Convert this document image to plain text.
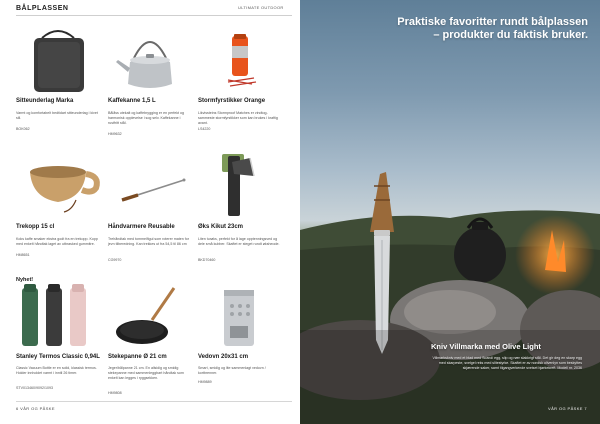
BÅLPLASSEN	ULTIMATE OUTDOOR
Sitteunderlag Marka
Varmt og komfortabelt bedtidart sitteunderlag i kivet sill.
BOK062
Kaffekanne 1,5 L
Bålåss utekalt og kaffebrygging er en perfekt og harmonisk opplevelse i sog selv. Kaffekanne i rustfritt stål.
HM9632
Stormfyrstikker Orange
Likvissteins Stormproof Matches er vindtog-sammeste stormfyrstikker som kan brukes i kraftig avant.
LS4220
Trekopp 15 cl
Koks kaffe smaker ekstra godt fra en trekopp. Kopp med enkelt håndtak laget av utbrasked gummitre.
HM8651
Håndvarmere Reusable
Trehåndtak med tommelfigul som roterer maten for jevn tilberedning. Kan trekkes ut fra 54,5 til 86 cm
CG9970
Øks Kikut 23cm
Liten turøks, perfekt for å lage opptenningsved og dele små kubber. Skaftet er steget rundt øksheode.
BKD70460
Nyhet!
Stanley Termos Classic 0,94L
Classic Vacuum Bottle er en solid, klassisk termos. Holder innholdet varmt i inntil 26 timer.
STV013460/9092/1093
Stekepanne Ø 21 cm
Jeger/bålpanne 21 cm. En allsidig og smidig stekepanne med sammenleggbart håndtak som enkelt kan legges i ryggsekken.
HM9808
Vedovn 20x31 cm
Smart, smidig og lite sammenlagt vedovn / kortbrenner.
HM9889
6 VÅR OG PÅSKE
Praktiske favoritter rundt bålplassen
– produkter du faktisk bruker.
Kniv Villmarka med Olive Light
Villmarkskniv med et blad med Scandi egg, slip og nær slakkrigt stål. Det gir deg en skarp egg med skarpeste, svelgel reks med slitestyrke. Skaftet er av nordisk olivenlyn som beskyttes skjærende saker, samt tilgangverkende sveiset bjørkekreft. Modell nr. 2036
VÅR OG PÅSKE 7
